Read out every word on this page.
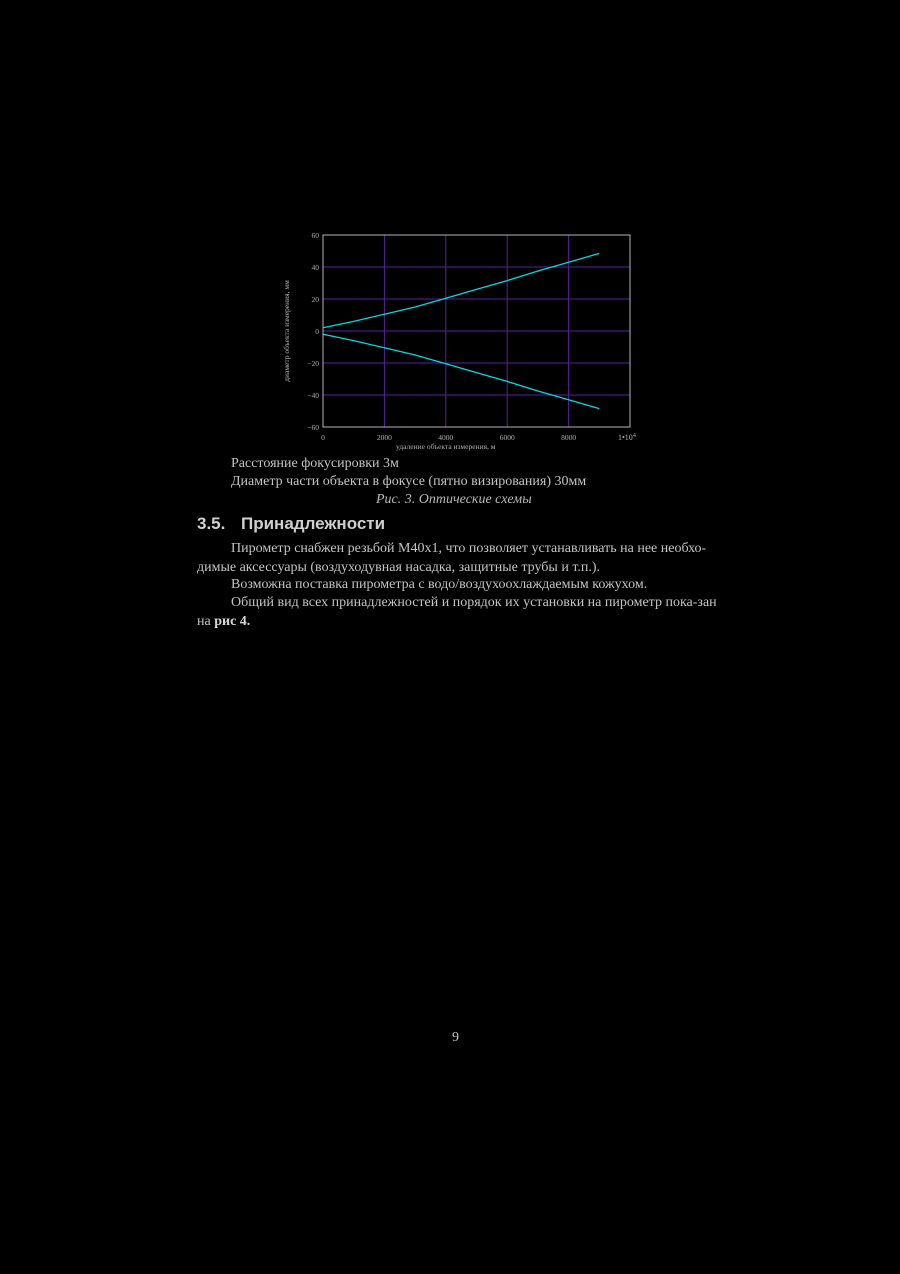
60
40
20
0
−20
−40
−60
0	2000	4000	6000	8000	$1•10^4$
удаление объекта измерения, м
диаметр объекта измерения, мм
Расстояние фокусировки 3м
Диаметр части объекта в фокусе (пятно визирования) 30мм
Рис. 3. Оптические схемы
3.5. Принадлежности
Пирометр снабжен резьбой М40х1, что позволяет устанавливать на нее необхо-димые аксессуары (воздуходувная насадка, защитные трубы и т.п.).
Возможна поставка пирометра с водо/воздухоохлаждаемым кожухом.
Общий вид всех принадлежностей и порядок их установки на пирометр пока-зан на рис 4.
9
